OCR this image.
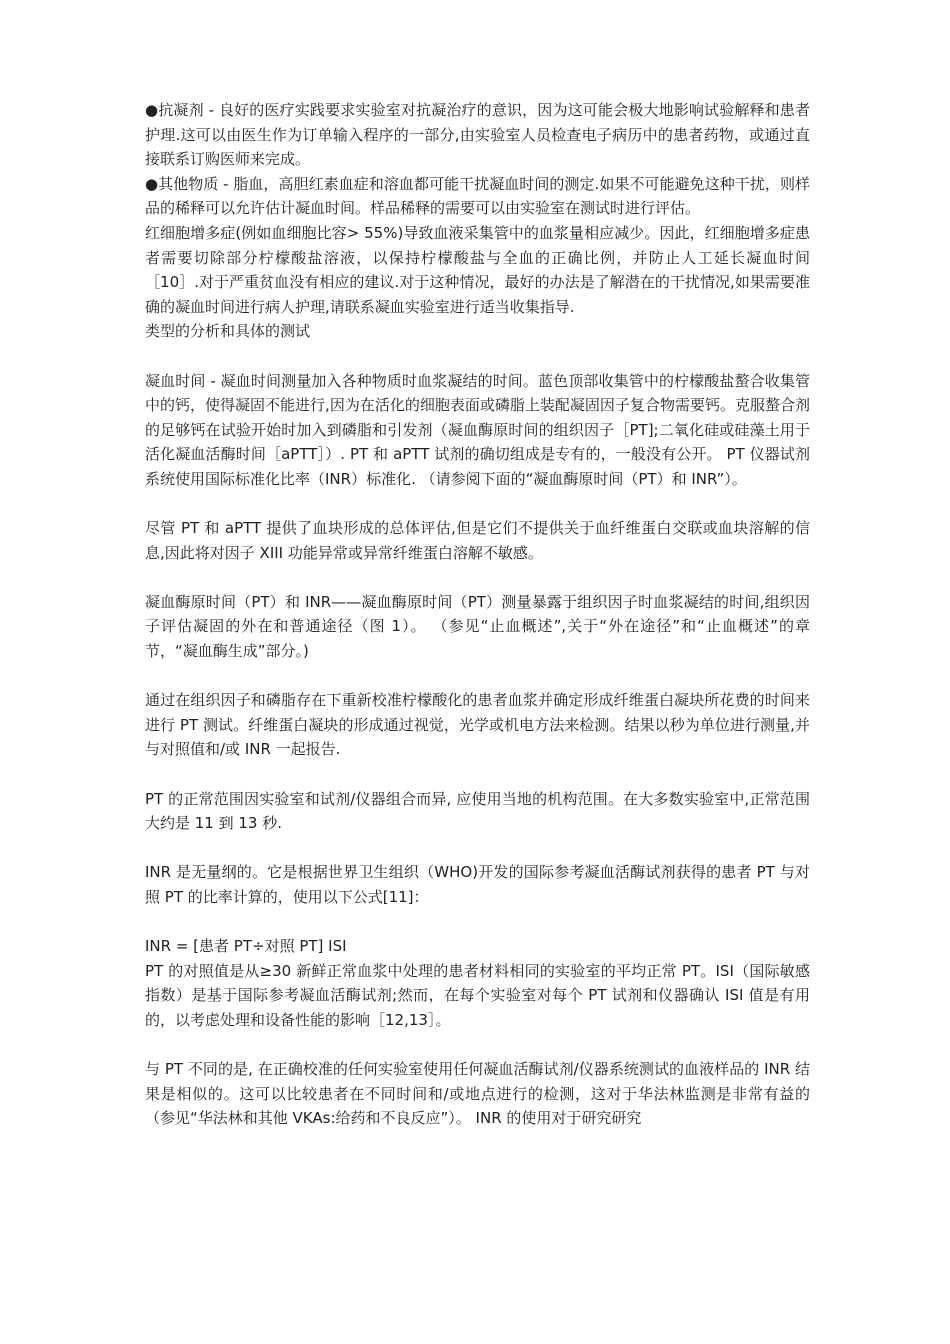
●抗凝剂 - 良好的医疗实践要求实验室对抗凝治疗的意识，因为这可能会极大地影响试验解释和患者护理.这可以由医生作为订单输入程序的一部分,由实验室人员检查电子病历中的患者药物，或通过直接联系订购医师来完成。

●其他物质 - 脂血，高胆红素血症和溶血都可能干扰凝血时间的测定.如果不可能避免这种干扰，则样品的稀释可以允许估计凝血时间。样品稀释的需要可以由实验室在测试时进行评估。

红细胞增多症(例如血细胞比容> 55%)导致血液采集管中的血浆量相应减少。因此，红细胞增多症患者需要切除部分柠檬酸盐溶液，以保持柠檬酸盐与全血的正确比例，并防止人工延长凝血时间［10］.对于严重贫血没有相应的建议.对于这种情况，最好的办法是了解潜在的干扰情况,如果需要准确的凝血时间进行病人护理,请联系凝血实验室进行适当收集指导.

类型的分析和具体的测试

凝血时间 - 凝血时间测量加入各种物质时血浆凝结的时间。蓝色顶部收集管中的柠檬酸盐螯合收集管中的钙，使得凝固不能进行,因为在活化的细胞表面或磷脂上装配凝固因子复合物需要钙。克服螯合剂的足够钙在试验开始时加入到磷脂和引发剂（凝血酶原时间的组织因子［PT];二氧化硅或硅藻土用于活化凝血活酶时间［aPTT］）. PT 和 aPTT 试剂的确切组成是专有的，一般没有公开。 PT 仪器试剂系统使用国际标准化比率（INR）标准化. （请参阅下面的“凝血酶原时间（PT）和 INR”）。

尽管 PT 和 aPTT 提供了血块形成的总体评估,但是它们不提供关于血纤维蛋白交联或血块溶解的信息,因此将对因子 XIII 功能异常或异常纤维蛋白溶解不敏感。

凝血酶原时间（PT）和 INR——凝血酶原时间（PT）测量暴露于组织因子时血浆凝结的时间,组织因子评估凝固的外在和普通途径（图 1）。 （参见“止血概述”,关于“外在途径”和“止血概述”的章节，“凝血酶生成”部分。)

通过在组织因子和磷脂存在下重新校准柠檬酸化的患者血浆并确定形成纤维蛋白凝块所花费的时间来进行 PT 测试。纤维蛋白凝块的形成通过视觉，光学或机电方法来检测。结果以秒为单位进行测量,并与对照值和/或 INR 一起报告.

PT 的正常范围因实验室和试剂/仪器组合而异, 应使用当地的机构范围。在大多数实验室中,正常范围大约是 11 到 13 秒.

INR 是无量纲的。它是根据世界卫生组织（WHO)开发的国际参考凝血活酶试剂获得的患者 PT 与对照 PT 的比率计算的，使用以下公式[11]：

INR = [患者 PT÷对照 PT] ISI

PT 的对照值是从≥30 新鲜正常血浆中处理的患者材料相同的实验室的平均正常 PT。ISI（国际敏感指数）是基于国际参考凝血活酶试剂;然而，在每个实验室对每个 PT 试剂和仪器确认 ISI 值是有用的，以考虑处理和设备性能的影响［12,13］。

与 PT 不同的是, 在正确校准的任何实验室使用任何凝血活酶试剂/仪器系统测试的血液样品的 INR 结果是相似的。这可以比较患者在不同时间和/或地点进行的检测，这对于华法林监测是非常有益的（参见“华法林和其他 VKAs:给药和不良反应”）。 INR 的使用对于研究研究
